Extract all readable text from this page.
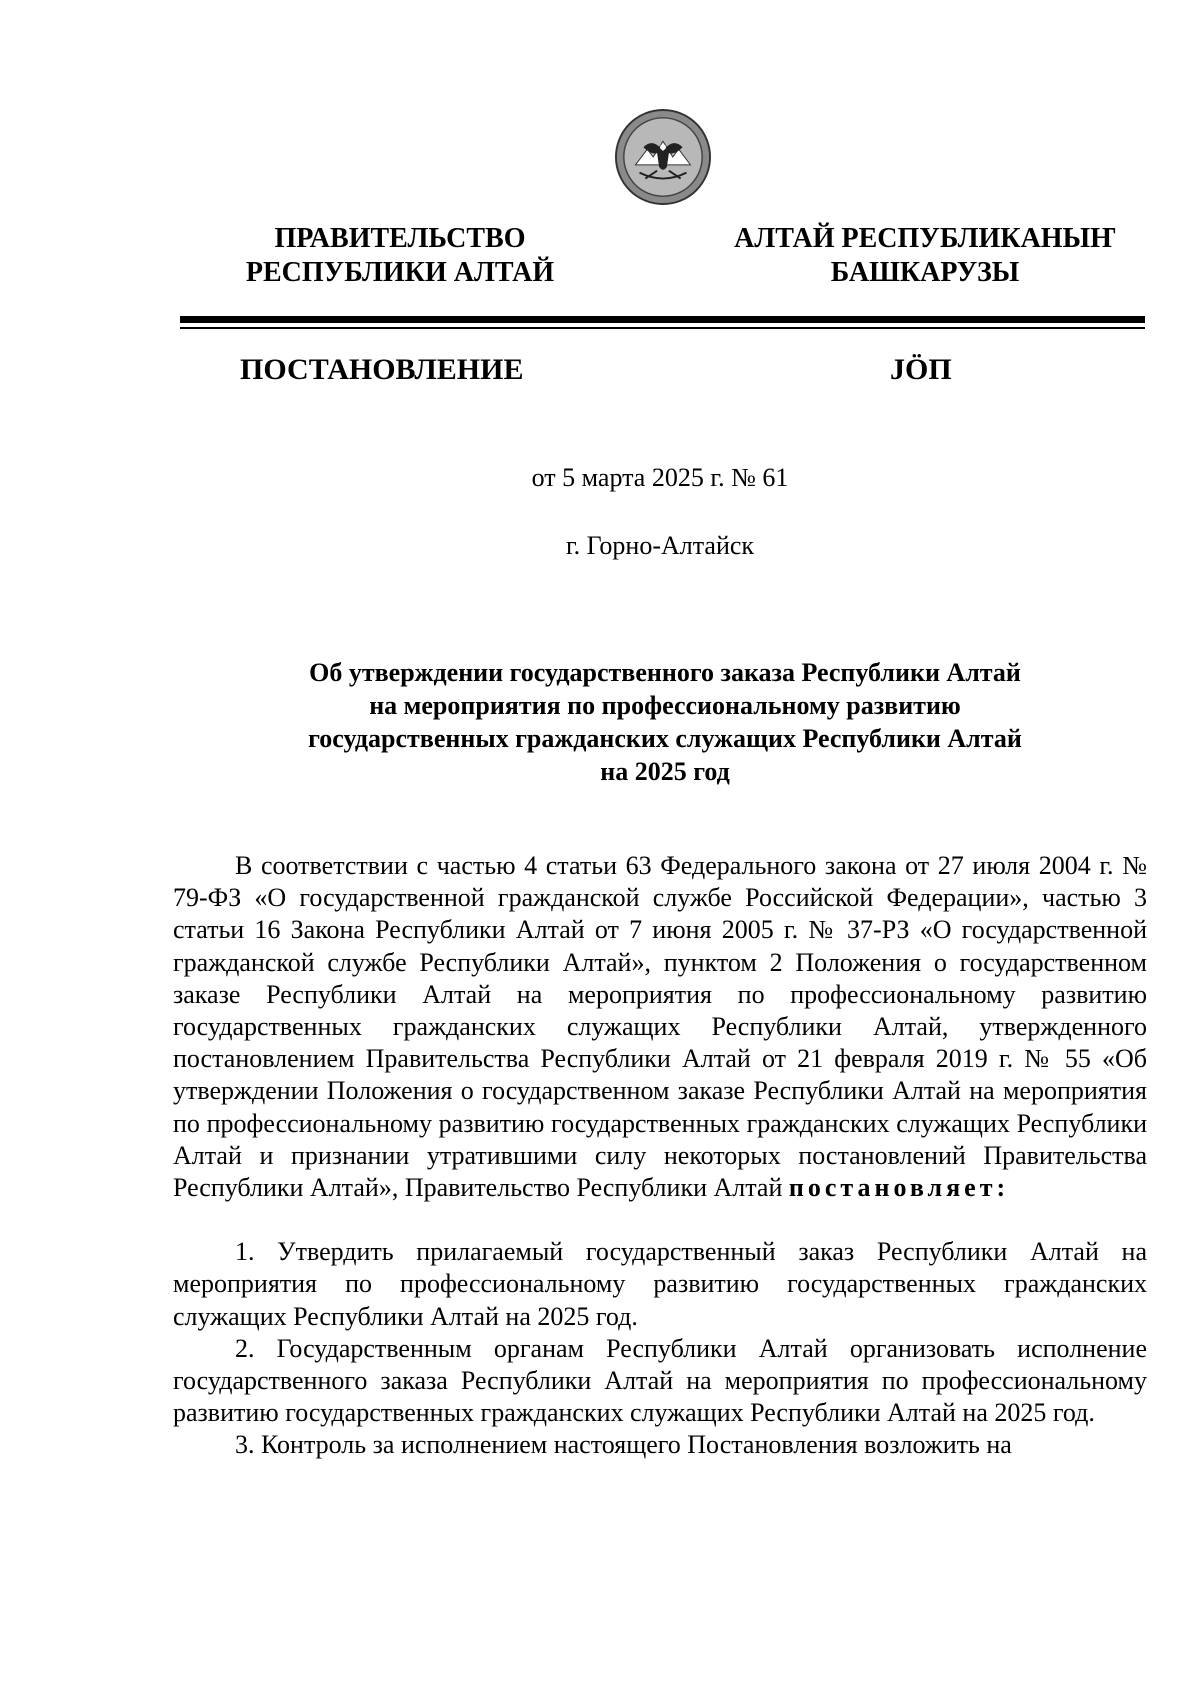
ПРАВИТЕЛЬСТВО
РЕСПУБЛИКИ АЛТАЙ
АЛТАЙ РЕСПУБЛИКАНЫҤ
БАШКАРУЗЫ
ПОСТАНОВЛЕНИЕ	JÖП
от 5 марта 2025 г. № 61
г. Горно-Алтайск
Об утверждении государственного заказа Республики Алтай
на мероприятия по профессиональному развитию
государственных гражданских служащих Республики Алтай
на 2025 год

В соответствии с частью 4 статьи 63 Федерального закона от 27 июля 2004 г. № 79-ФЗ «О государственной гражданской службе Российской Федерации», частью 3 статьи 16 Закона Республики Алтай от 7 июня 2005 г. № 37-РЗ «О государственной гражданской службе Республики Алтай», пунктом 2 Положения о государственном заказе Республики Алтай на мероприятия по профессиональному развитию государственных гражданских служащих Республики Алтай, утвержденного постановлением Правительства Республики Алтай от 21 февраля 2019 г. № 55 «Об утверждении Положения о государственном заказе Республики Алтай на мероприятия по профессиональному развитию государственных гражданских служащих Республики Алтай и признании утратившими силу некоторых постановлений Правительства Республики Алтай», Правительство Республики Алтай постановляет:

1. Утвердить прилагаемый государственный заказ Республики Алтай на мероприятия по профессиональному развитию государственных гражданских служащих Республики Алтай на 2025 год.

2. Государственным органам Республики Алтай организовать исполнение государственного заказа Республики Алтай на мероприятия по профессиональному развитию государственных гражданских служащих Республики Алтай на 2025 год.

3. Контроль за исполнением настоящего Постановления возложить на
